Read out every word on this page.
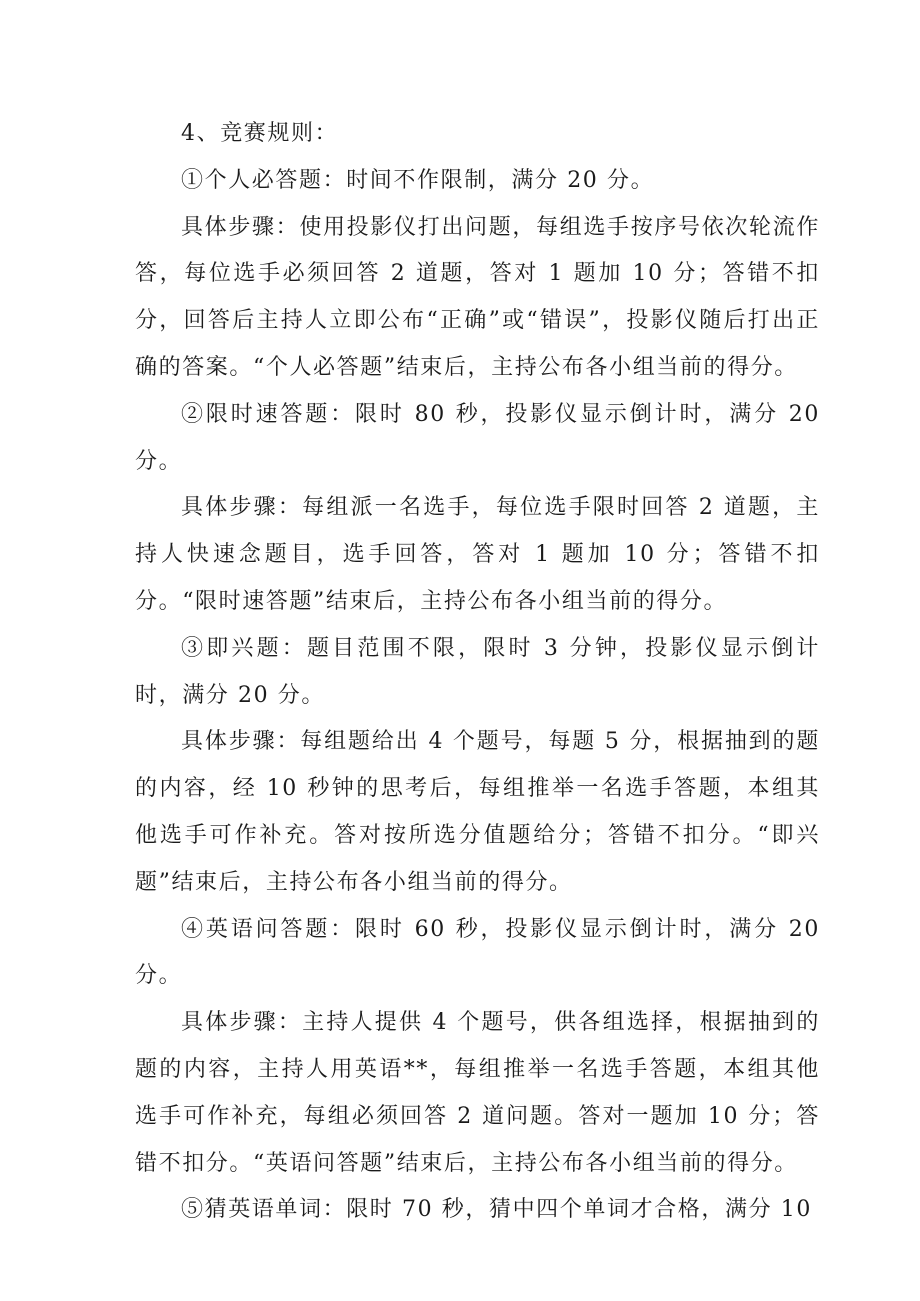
4、竞赛规则：

①个人必答题：时间不作限制，满分 20 分。

具体步骤：使用投影仪打出问题，每组选手按序号依次轮流作答，每位选手必须回答 2 道题，答对 1 题加 10 分；答错不扣分，回答后主持人立即公布“正确”或“错误”，投影仪随后打出正确的答案。“个人必答题”结束后，主持公布各小组当前的得分。

②限时速答题：限时 80 秒，投影仪显示倒计时，满分 20 分。

具体步骤：每组派一名选手，每位选手限时回答 2 道题，主持人快速念题目，选手回答，答对 1 题加 10 分；答错不扣分。“限时速答题”结束后，主持公布各小组当前的得分。

③即兴题：题目范围不限，限时 3 分钟，投影仪显示倒计时，满分 20 分。

具体步骤：每组题给出 4 个题号，每题 5 分，根据抽到的题的内容，经 10 秒钟的思考后，每组推举一名选手答题，本组其他选手可作补充。答对按所选分值题给分；答错不扣分。“即兴题”结束后，主持公布各小组当前的得分。

④英语问答题：限时 60 秒，投影仪显示倒计时，满分 20 分。

具体步骤：主持人提供 4 个题号，供各组选择，根据抽到的题的内容，主持人用英语**，每组推举一名选手答题，本组其他选手可作补充，每组必须回答 2 道问题。答对一题加 10 分；答错不扣分。“英语问答题”结束后，主持公布各小组当前的得分。

⑤猜英语单词：限时 70 秒，猜中四个单词才合格，满分 10
